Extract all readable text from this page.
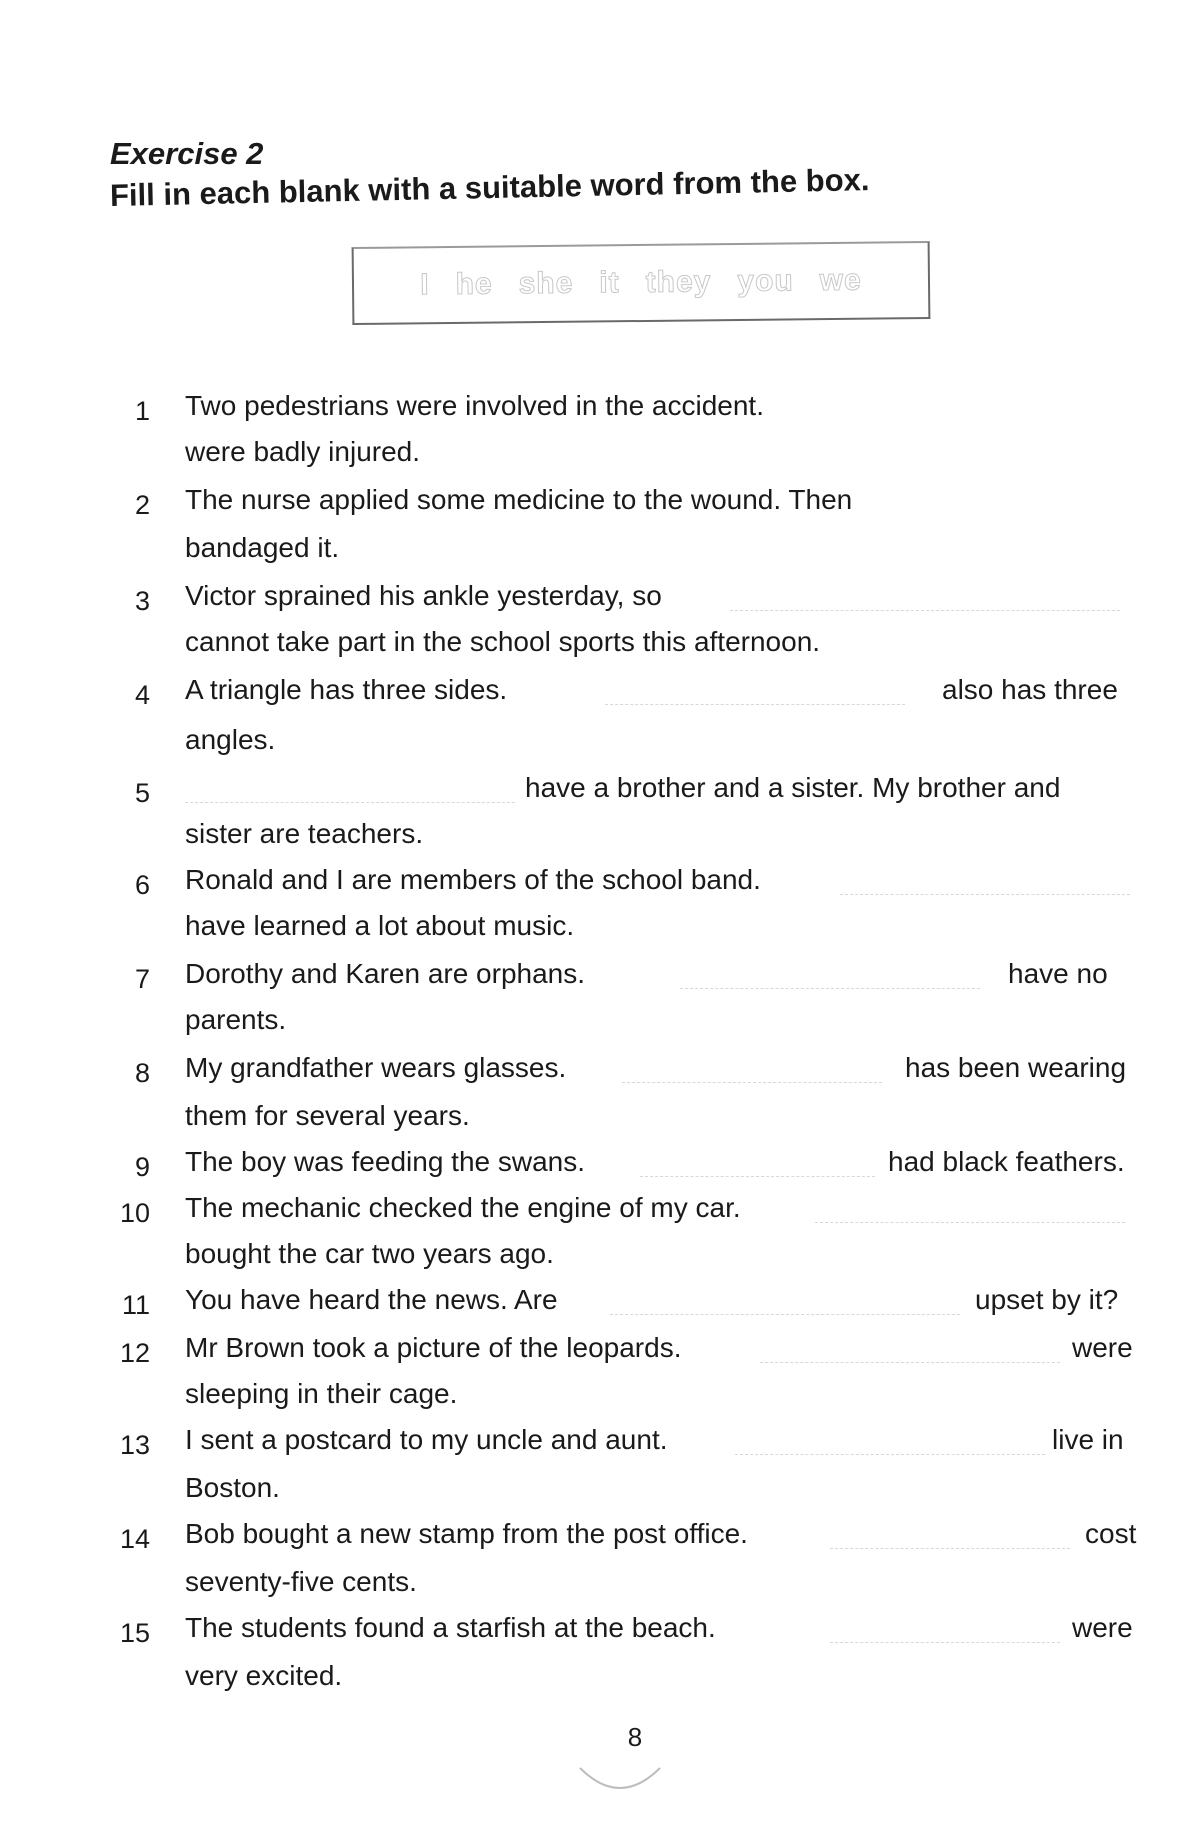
Exercise 2
Fill in each blank with a suitable word from the box.
I he she it they you we
1 Two pedestrians were involved in the accident.
were badly injured.
2 The nurse applied some medicine to the wound. Then
bandaged it.
3 Victor sprained his ankle yesterday, so
cannot take part in the school sports this afternoon.
4 A triangle has three sides.	also has three
angles.
5	have a brother and a sister. My brother and
sister are teachers.
6 Ronald and I are members of the school band.
have learned a lot about music.
7 Dorothy and Karen are orphans.	have no
parents.
8 My grandfather wears glasses.	has been wearing
them for several years.
9 The boy was feeding the swans.	had black feathers.
10 The mechanic checked the engine of my car.
bought the car two years ago.
11 You have heard the news. Are	upset by it?
12 Mr Brown took a picture of the leopards.	were
sleeping in their cage.
13 I sent a postcard to my uncle and aunt.	live in
Boston.
14 Bob bought a new stamp from the post office.	cost
seventy-five cents.
15 The students found a starfish at the beach.	were
very excited.
8
